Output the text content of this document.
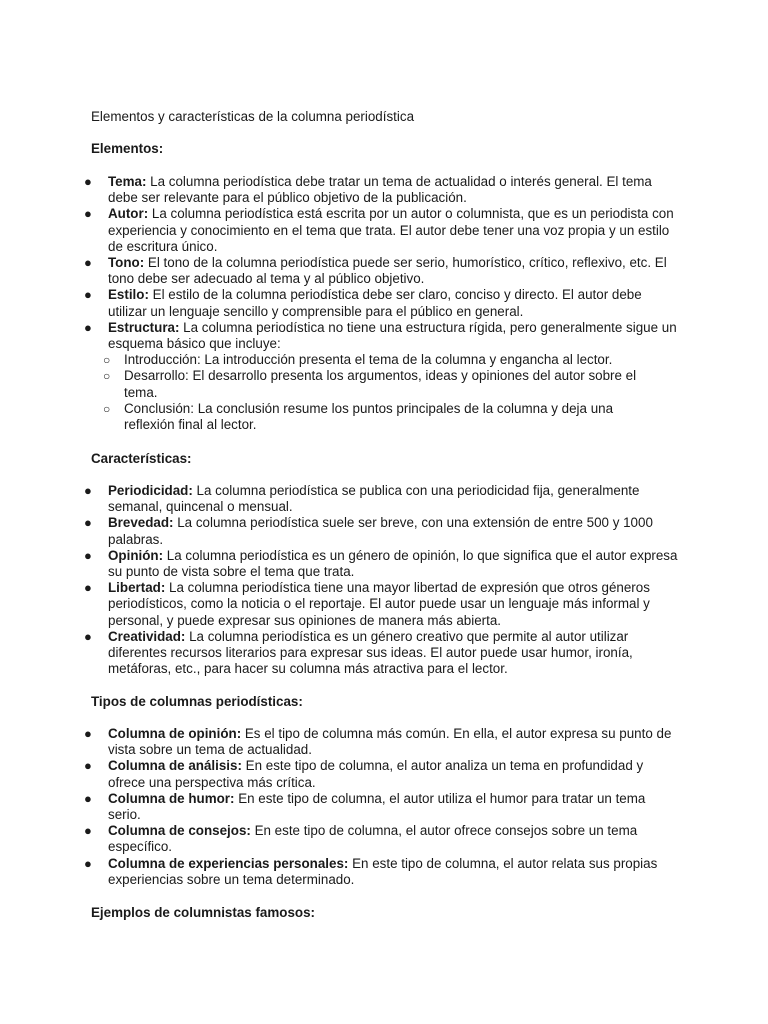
Elementos y características de la columna periodística
Elementos:
● Tema: La columna periodística debe tratar un tema de actualidad o interés general. El tema debe ser relevante para el público objetivo de la publicación.
● Autor: La columna periodística está escrita por un autor o columnista, que es un periodista con experiencia y conocimiento en el tema que trata. El autor debe tener una voz propia y un estilo de escritura único.
● Tono: El tono de la columna periodística puede ser serio, humorístico, crítico, reflexivo, etc. El tono debe ser adecuado al tema y al público objetivo.
● Estilo: El estilo de la columna periodística debe ser claro, conciso y directo. El autor debe utilizar un lenguaje sencillo y comprensible para el público en general.
● Estructura: La columna periodística no tiene una estructura rígida, pero generalmente sigue un esquema básico que incluye:
○ Introducción: La introducción presenta el tema de la columna y engancha al lector.
○ Desarrollo: El desarrollo presenta los argumentos, ideas y opiniones del autor sobre el tema.
○ Conclusión: La conclusión resume los puntos principales de la columna y deja una reflexión final al lector.
Características:
● Periodicidad: La columna periodística se publica con una periodicidad fija, generalmente semanal, quincenal o mensual.
● Brevedad: La columna periodística suele ser breve, con una extensión de entre 500 y 1000 palabras.
● Opinión: La columna periodística es un género de opinión, lo que significa que el autor expresa su punto de vista sobre el tema que trata.
● Libertad: La columna periodística tiene una mayor libertad de expresión que otros géneros periodísticos, como la noticia o el reportaje. El autor puede usar un lenguaje más informal y personal, y puede expresar sus opiniones de manera más abierta.
● Creatividad: La columna periodística es un género creativo que permite al autor utilizar diferentes recursos literarios para expresar sus ideas. El autor puede usar humor, ironía, metáforas, etc., para hacer su columna más atractiva para el lector.
Tipos de columnas periodísticas:
● Columna de opinión: Es el tipo de columna más común. En ella, el autor expresa su punto de vista sobre un tema de actualidad.
● Columna de análisis: En este tipo de columna, el autor analiza un tema en profundidad y ofrece una perspectiva más crítica.
● Columna de humor: En este tipo de columna, el autor utiliza el humor para tratar un tema serio.
● Columna de consejos: En este tipo de columna, el autor ofrece consejos sobre un tema específico.
● Columna de experiencias personales: En este tipo de columna, el autor relata sus propias experiencias sobre un tema determinado.
Ejemplos de columnistas famosos:
